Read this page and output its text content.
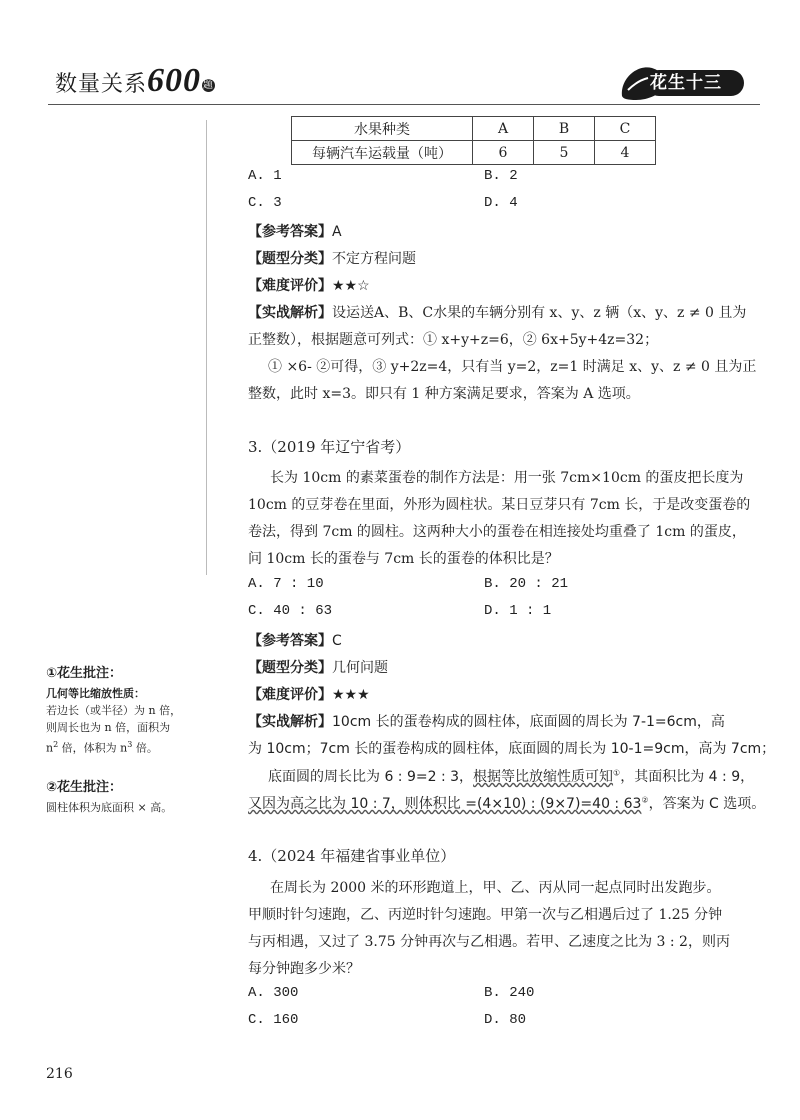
数量关系600 题	花生十三
水果种类	A	B	C
每辆汽车运载量（吨）	6	5	4
A. 1	B. 2
C. 3	D. 4
【参考答案】A
【题型分类】不定方程问题
【难度评价】★★☆
【实战解析】设运送A、B、C水果的车辆分别有 x、y、z 辆（x、y、z ≠ 0 且为
正整数），根据题意可列式：① x+y+z=6，② 6x+5y+4z=32；
① ×6- ②可得，③ y+2z=4，只有当 y=2，z=1 时满足 x、y、z ≠ 0 且为正
整数，此时 x=3。即只有 1 种方案满足要求，答案为 A 选项。
3.（2019 年辽宁省考）
长为 10cm 的素菜蛋卷的制作方法是：用一张 7cm×10cm 的蛋皮把长度为
10cm 的豆芽卷在里面，外形为圆柱状。某日豆芽只有 7cm 长，于是改变蛋卷的
卷法，得到 7cm 的圆柱。这两种大小的蛋卷在相连接处均重叠了 1cm 的蛋皮，
问 10cm 长的蛋卷与 7cm 长的蛋卷的体积比是？
A. 7 : 10	B. 20 : 21
C. 40 : 63	D. 1 : 1
【参考答案】C
【题型分类】几何问题
【难度评价】★★★
【实战解析】10cm 长的蛋卷构成的圆柱体，底面圆的周长为 7-1=6cm，高
为 10cm；7cm 长的蛋卷构成的圆柱体，底面圆的周长为 10-1=9cm，高为 7cm；
底面圆的周长比为 6 : 9=2 : 3，根据等比放缩性质可知①，其面积比为 4 : 9，
又因为高之比为 10 : 7，则体积比 =(4×10) : (9×7)=40 : 63②，答案为 C 选项。
4.（2024 年福建省事业单位）
在周长为 2000 米的环形跑道上，甲、乙、丙从同一起点同时出发跑步。
甲顺时针匀速跑，乙、丙逆时针匀速跑。甲第一次与乙相遇后过了 1.25 分钟
与丙相遇，又过了 3.75 分钟再次与乙相遇。若甲、乙速度之比为 3 : 2，则丙
每分钟跑多少米？
A. 300	B. 240
C. 160	D. 80
①花生批注：
几何等比缩放性质：
若边长（或半径）为 n 倍，
则周长也为 n 倍，面积为
$n^2$ 倍，体积为 $n^3$ 倍。
②花生批注：
圆柱体积为底面积 × 高。
216
